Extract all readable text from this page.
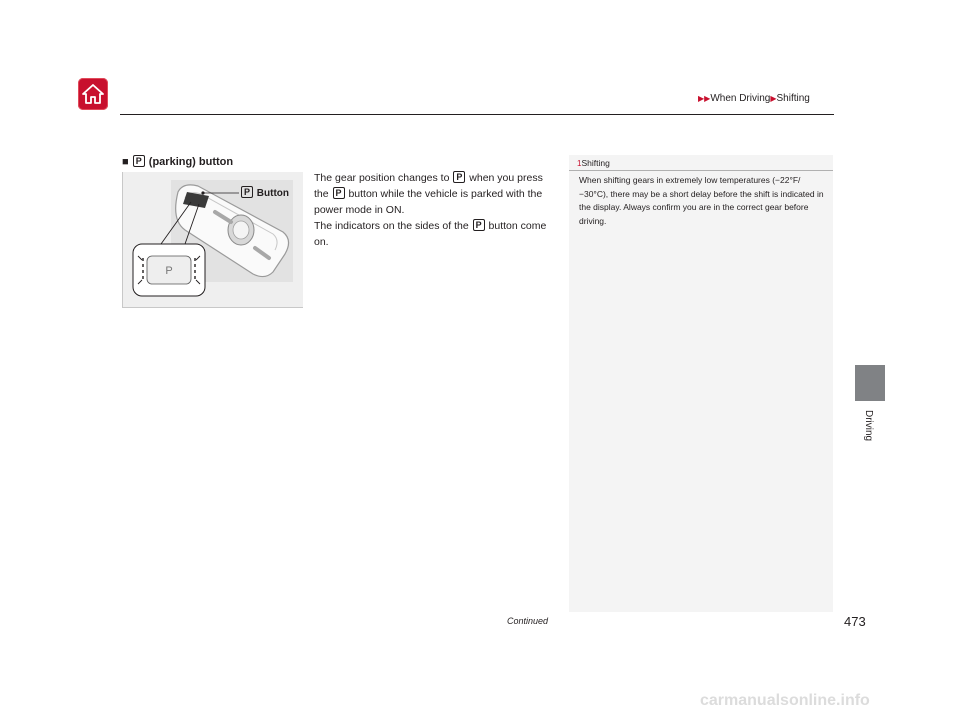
▶▶When Driving▶Shifting
Driving
■ P (parking) button
P
P Button

The gear position changes to P when you press the P button while the vehicle is parked with the power mode in ON.

The indicators on the sides of the P button come on.

1Shifting
When shifting gears in extremely low temperatures (−22°F/−30°C), there may be a short delay before the shift is indicated in the display. Always confirm you are in the correct gear before driving.
Continued	473
carmanualsonline.info
